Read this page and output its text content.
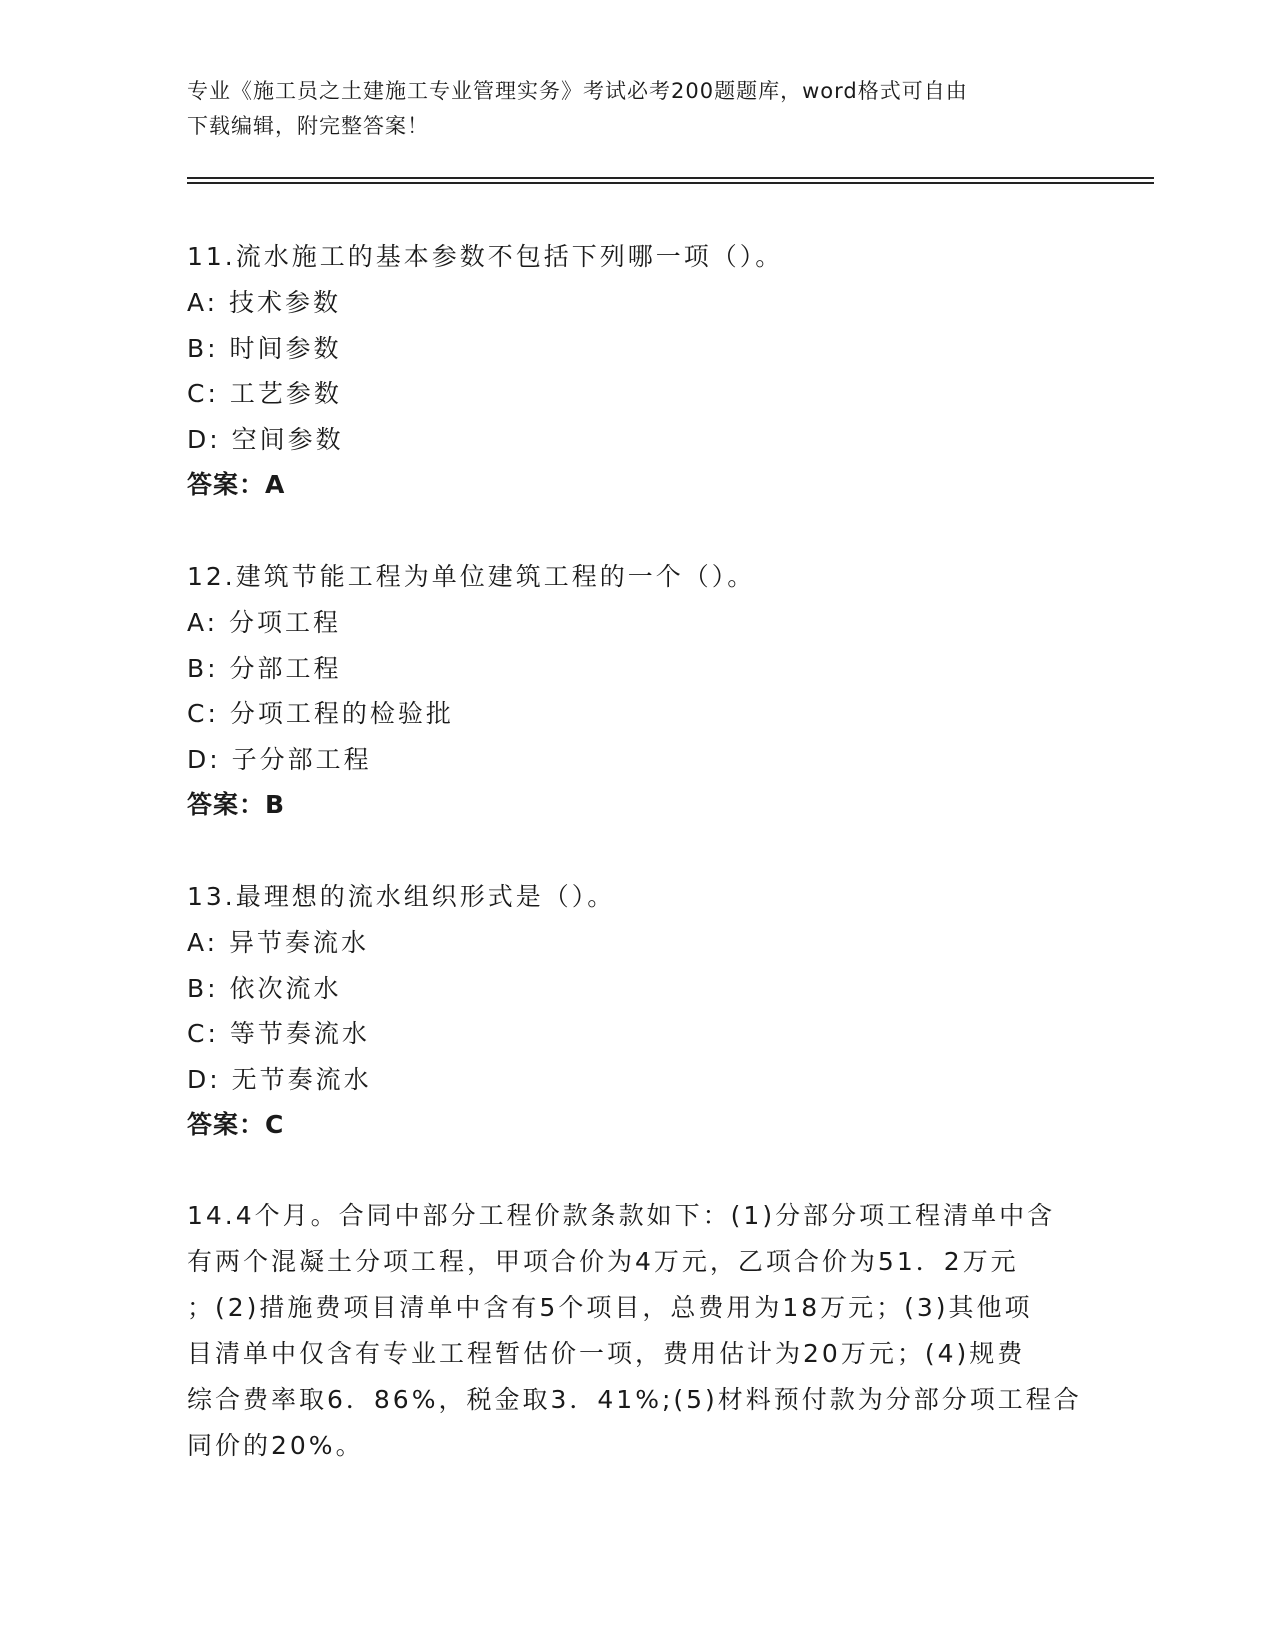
专业《施工员之土建施工专业管理实务》考试必考200题题库，word格式可自由
下载编辑，附完整答案！
11.流水施工的基本参数不包括下列哪一项（）。
A: 技术参数
B: 时间参数
C: 工艺参数
D: 空间参数
答案：A
12.建筑节能工程为单位建筑工程的一个（）。
A: 分项工程
B: 分部工程
C: 分项工程的检验批
D: 子分部工程
答案：B
13.最理想的流水组织形式是（）。
A: 异节奏流水
B: 依次流水
C: 等节奏流水
D: 无节奏流水
答案：C
14.4个月。合同中部分工程价款条款如下：(1)分部分项工程清单中含
有两个混凝土分项工程，甲项合价为4万元，乙项合价为51．2万元
；(2)措施费项目清单中含有5个项目，总费用为18万元；(3)其他项
目清单中仅含有专业工程暂估价一项，费用估计为20万元；(4)规费
综合费率取6．86%，税金取3．41%;(5)材料预付款为分部分项工程合
同价的20%。
